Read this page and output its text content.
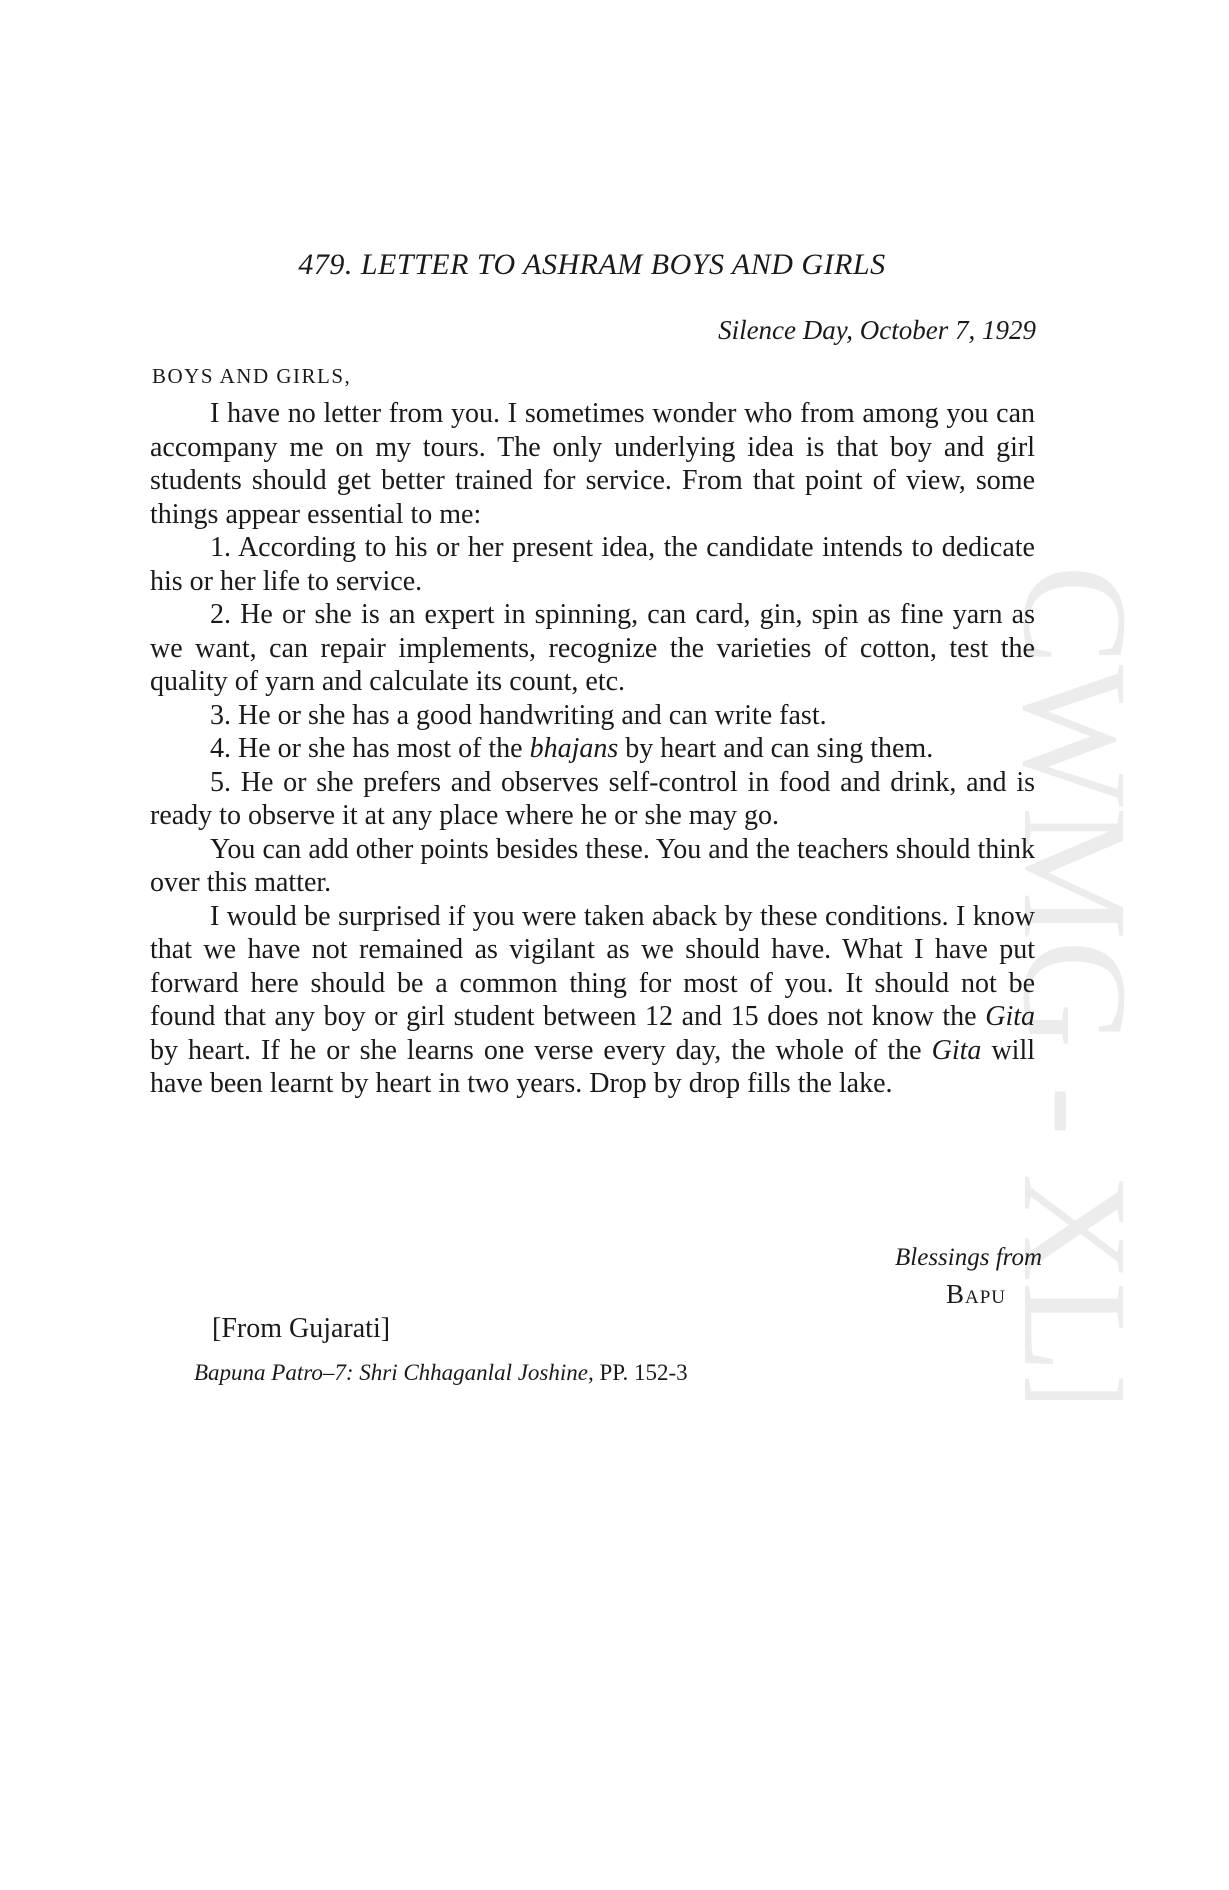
CWMG XLI
479. LETTER TO ASHRAM BOYS AND GIRLS
Silence Day, October 7, 1929
BOYS AND GIRLS,

I have no letter from you. I sometimes wonder who from among you can accompany me on my tours. The only underlying idea is that boy and girl students should get better trained for service. From that point of view, some things appear essential to me:

1. According to his or her present idea, the candidate intends to dedicate his or her life to service.

2. He or she is an expert in spinning, can card, gin, spin as fine yarn as we want, can repair implements, recognize the varieties of cotton, test the quality of yarn and calculate its count, etc.

3. He or she has a good handwriting and can write fast.

4. He or she has most of the bhajans by heart and can sing them.

5. He or she prefers and observes self-control in food and drink, and is ready to observe it at any place where he or she may go.

You can add other points besides these. You and the teachers should think over this matter.

I would be surprised if you were taken aback by these conditions. I know that we have not remained as vigilant as we should have. What I have put forward here should be a common thing for most of you. It should not be found that any boy or girl student between 12 and 15 does not know the Gita by heart. If he or she learns one verse every day, the whole of the Gita will have been learnt by heart in two years. Drop by drop fills the lake.

Blessings from
Bapu
[From Gujarati]
Bapuna Patro–7: Shri Chhaganlal Joshine, PP. 152-3
